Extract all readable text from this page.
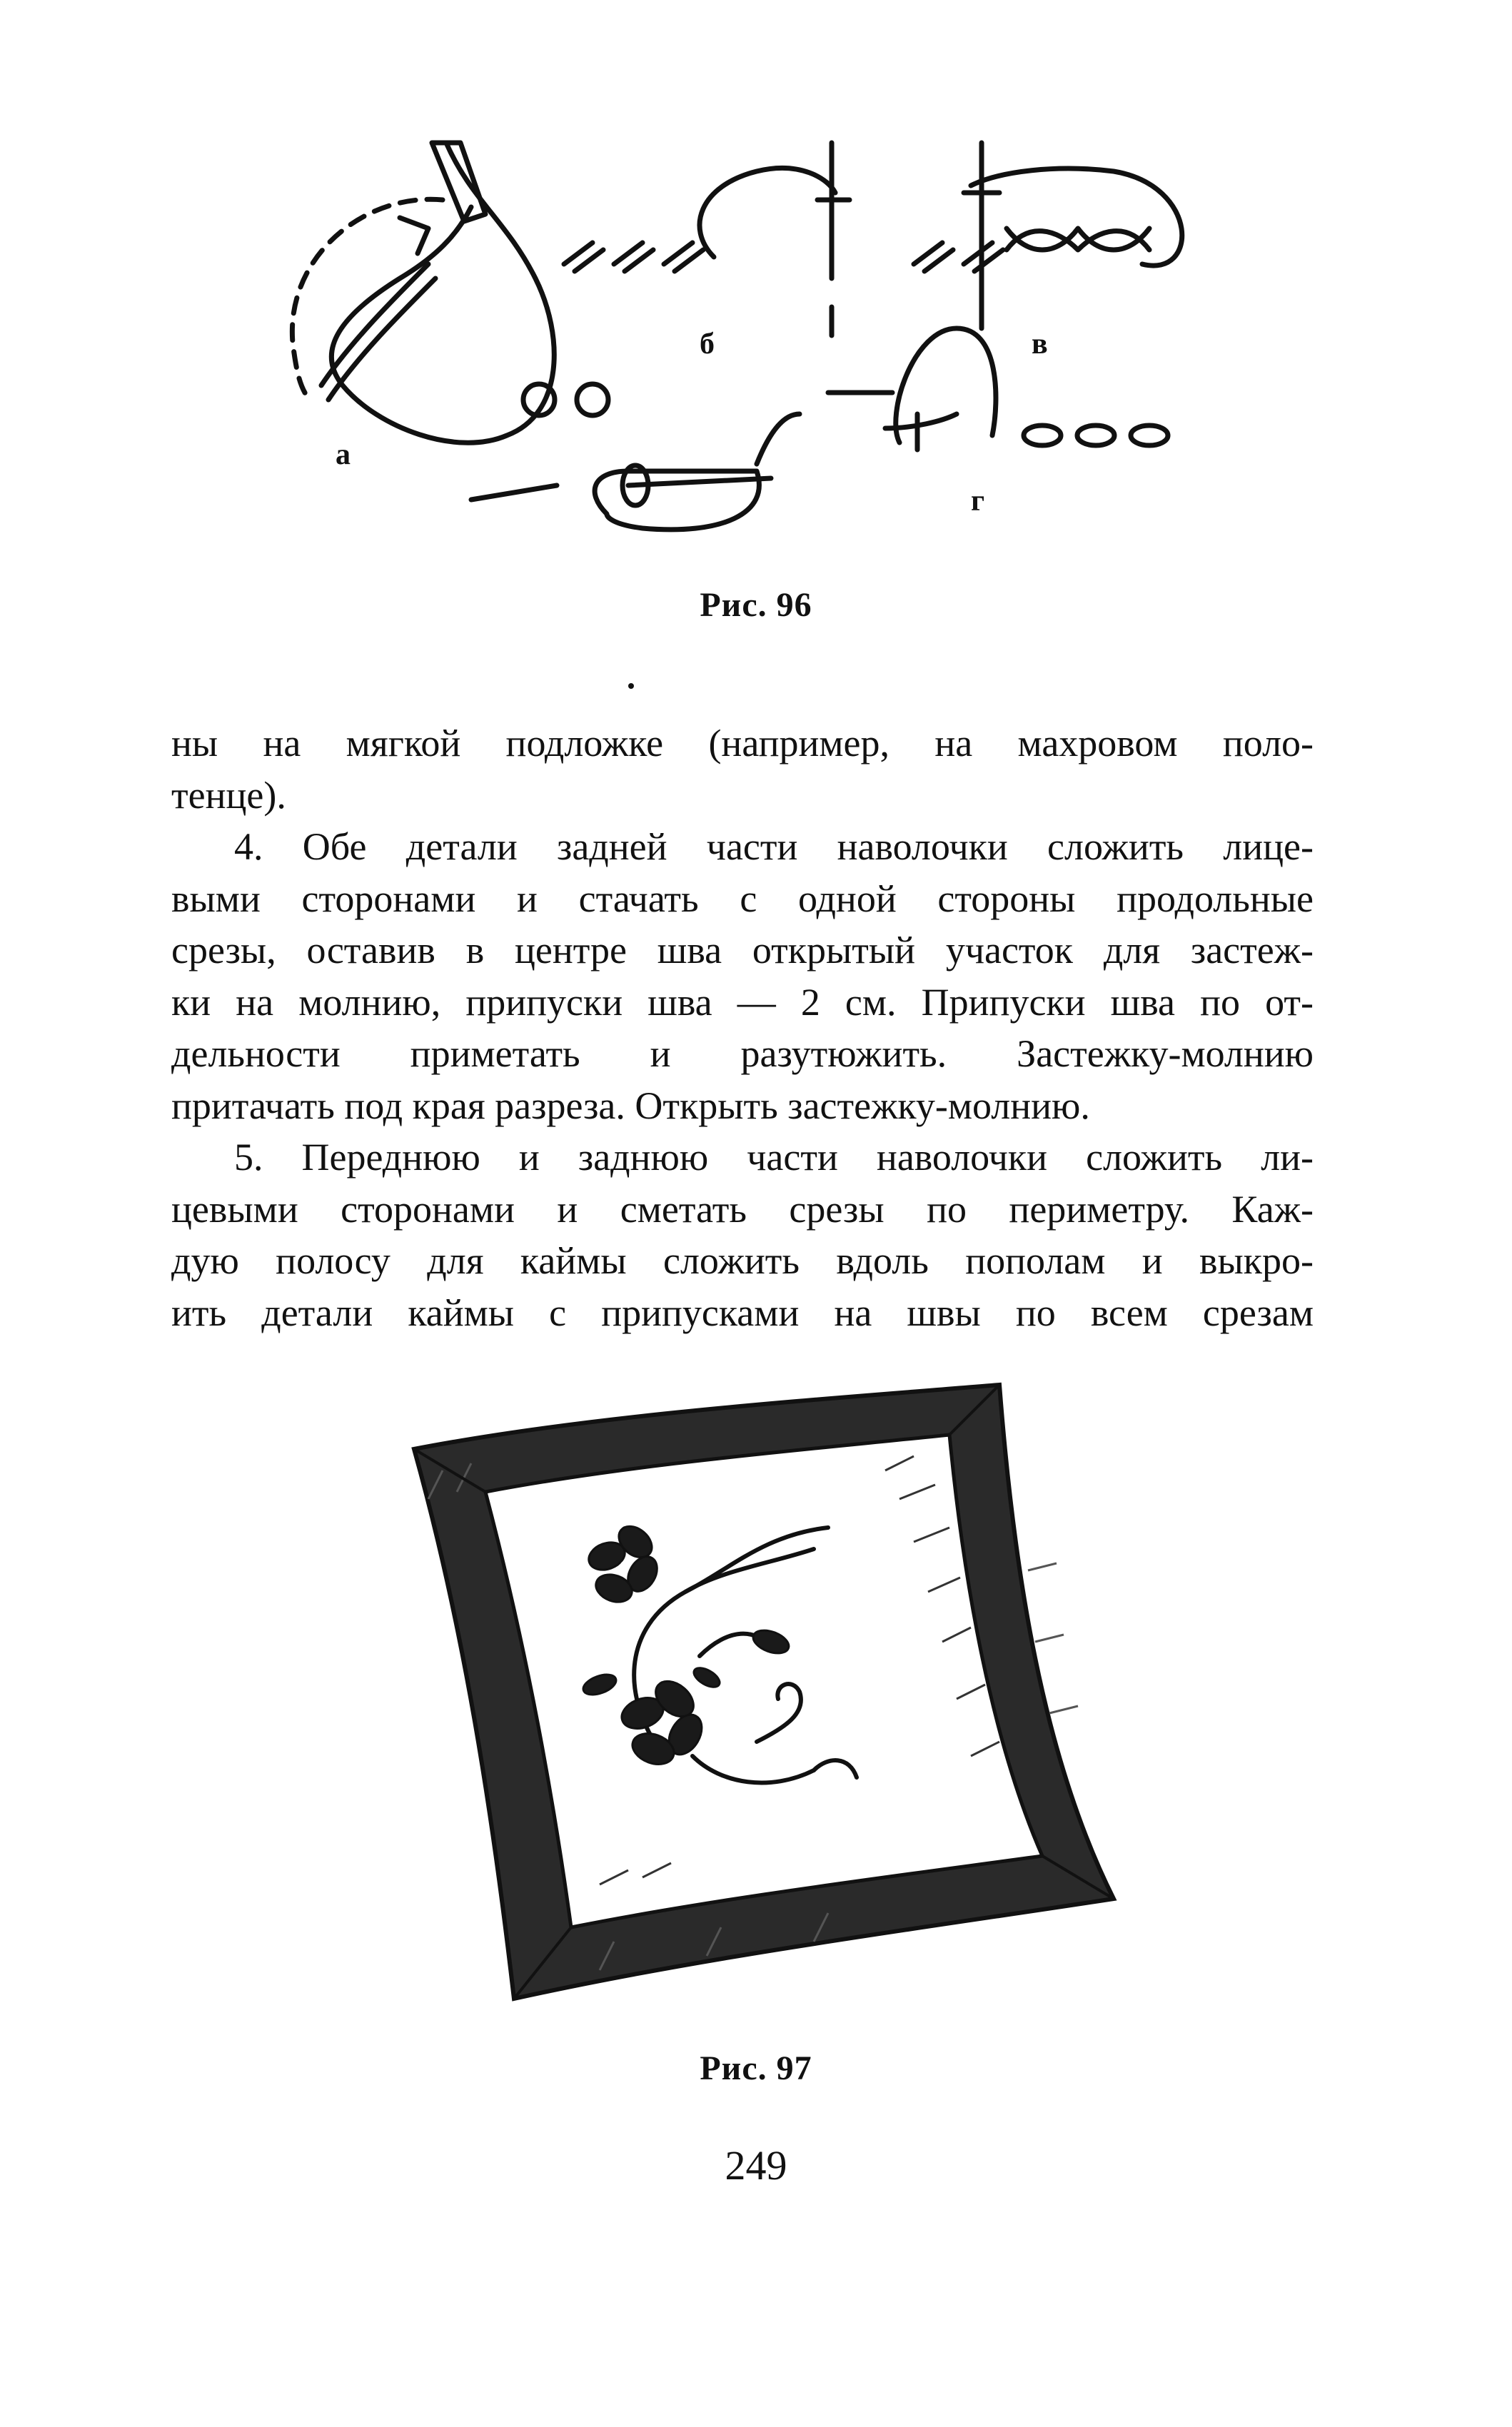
а
б	в
г
Рис. 96
ны на мягкой подложке (например, на махровом поло-
тенце).
4. Обе детали задней части наволочки сложить лице-
выми сторонами и стачать с одной стороны продольные
срезы, оставив в центре шва открытый участок для застеж-
ки на молнию, припуски шва — 2 см. Припуски шва по от-
дельности приметать и разутюжить. Застежку-молнию
притачать под края разреза. Открыть застежку-молнию.
5. Переднюю и заднюю части наволочки сложить ли-
цевыми сторонами и сметать срезы по периметру. Каж-
дую полосу для каймы сложить вдоль пополам и выкро-
ить детали каймы с припусками на швы по всем срезам
Рис. 97
249
